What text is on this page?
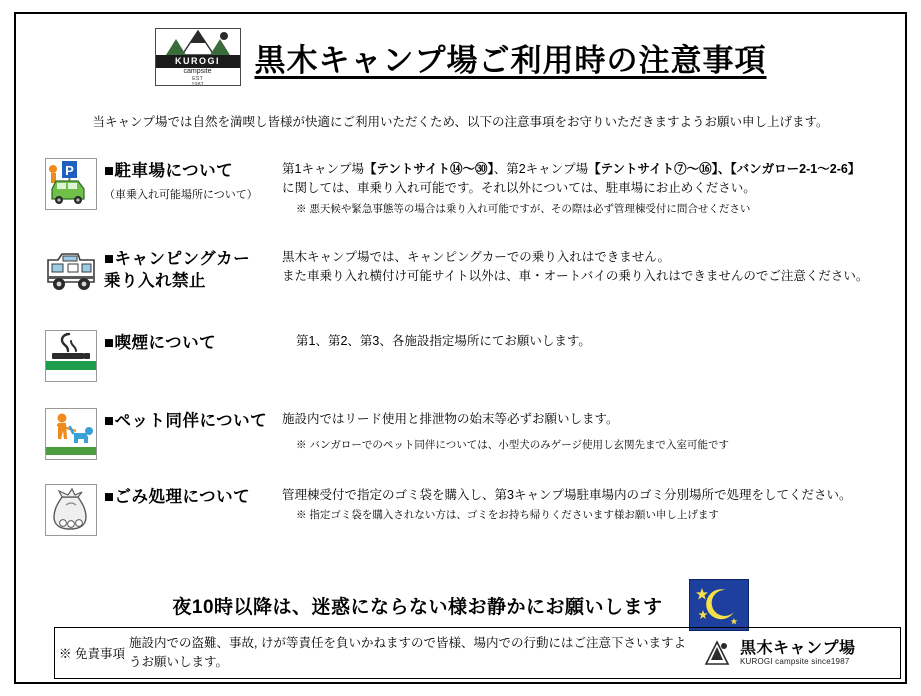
KUROGI
campsite
EST
1987
黒木キャンプ場ご利用時の注意事項
当キャンプ場では自然を満喫し皆様が快適にご利用いただくため、以下の注意事項をお守りいただきますようお願い申し上げます。
P ■駐車場について
（車乗入れ可能場所について）
第1キャンプ場【テントサイト⑭～㉚】、第2キャンプ場【テントサイト⑦～⑯】、【バンガロー2-1～2-6】
に関しては、車乗り入れ可能です。それ以外については、駐車場にお止めください。
※ 悪天候や緊急事態等の場合は乗り入れ可能ですが、その際は必ず管理棟受付に問合せください
■キャンピングカー
乗り入れ禁止
黒木キャンプ場では、キャンピングカーでの乗り入れはできません。
また車乗り入れ横付け可能サイト以外は、車・オートバイの乗り入れはできませんのでご注意ください。
■喫煙について	第1、第2、第3、各施設指定場所にてお願いします。
■ペット同伴について	施設内ではリード使用と排泄物の始末等必ずお願いします。
※ バンガローでのペット同伴については、小型犬のみゲージ使用し玄関先まで入室可能です
■ごみ処理について	管理棟受付で指定のゴミ袋を購入し、第3キャンプ場駐車場内のゴミ分別場所で処理をしてください。
※ 指定ゴミ袋を購入されない方は、ゴミをお持ち帰りくださいます様お願い申し上げます
夜10時以降は、迷惑にならない様お静かにお願いします
※ 免責事項
施設内での盗難、事故, けが等責任を負いかねますので皆様、場内での行動にはご注意下さいますようお願いします。
黒木キャンプ場
KUROGI campsite since1987
